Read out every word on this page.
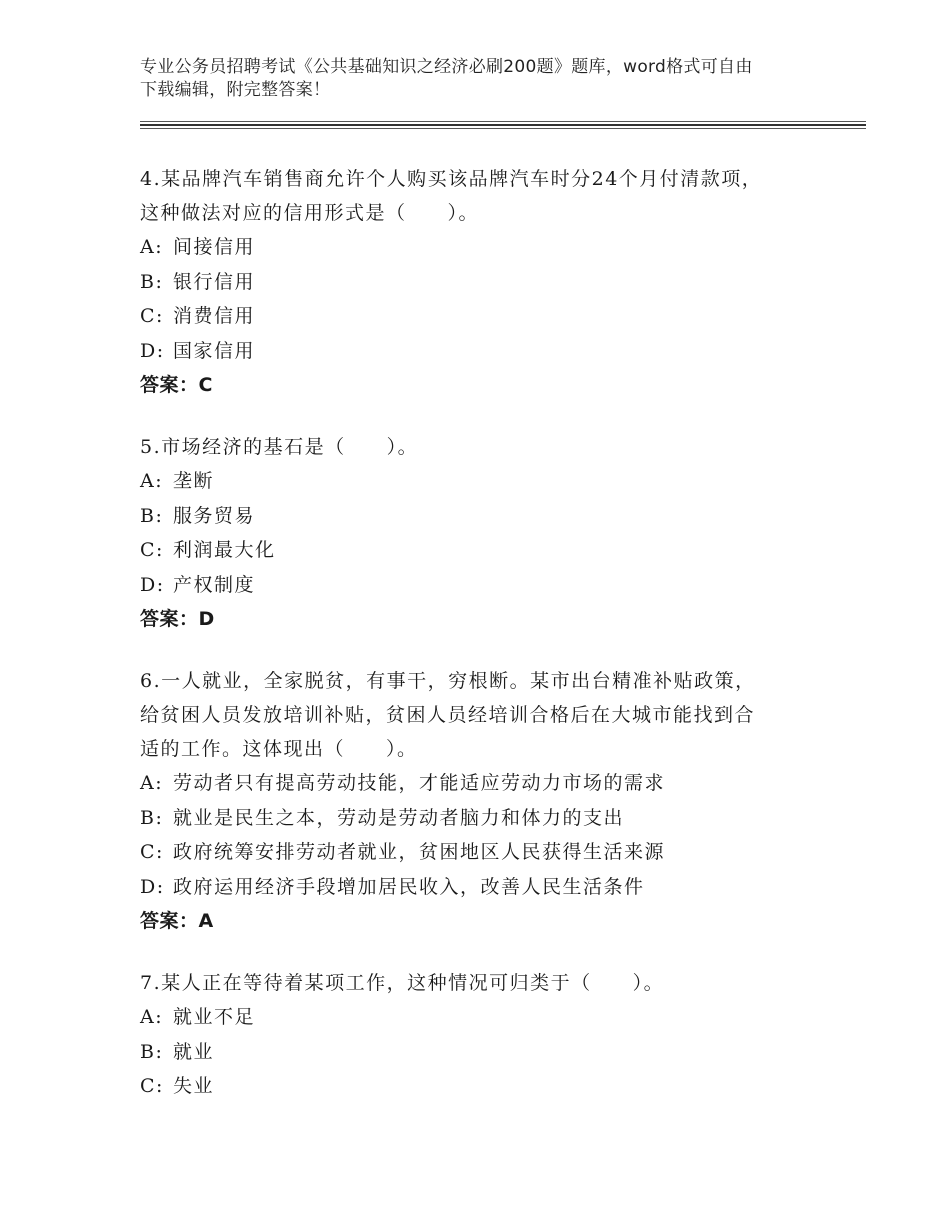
专业公务员招聘考试《公共基础知识之经济必刷200题》题库，word格式可自由
下载编辑，附完整答案！
4.某品牌汽车销售商允许个人购买该品牌汽车时分24个月付清款项，
这种做法对应的信用形式是（　　）。
A: 间接信用
B: 银行信用
C: 消费信用
D: 国家信用
答案：C
5.市场经济的基石是（　　）。
A: 垄断
B: 服务贸易
C: 利润最大化
D: 产权制度
答案：D
6.一人就业，全家脱贫，有事干，穷根断。某市出台精准补贴政策，
给贫困人员发放培训补贴，贫困人员经培训合格后在大城市能找到合
适的工作。这体现出（　　）。
A: 劳动者只有提高劳动技能，才能适应劳动力市场的需求
B: 就业是民生之本，劳动是劳动者脑力和体力的支出
C: 政府统筹安排劳动者就业，贫困地区人民获得生活来源
D: 政府运用经济手段增加居民收入，改善人民生活条件
答案：A
7.某人正在等待着某项工作，这种情况可归类于（　　）。
A: 就业不足
B: 就业
C: 失业
